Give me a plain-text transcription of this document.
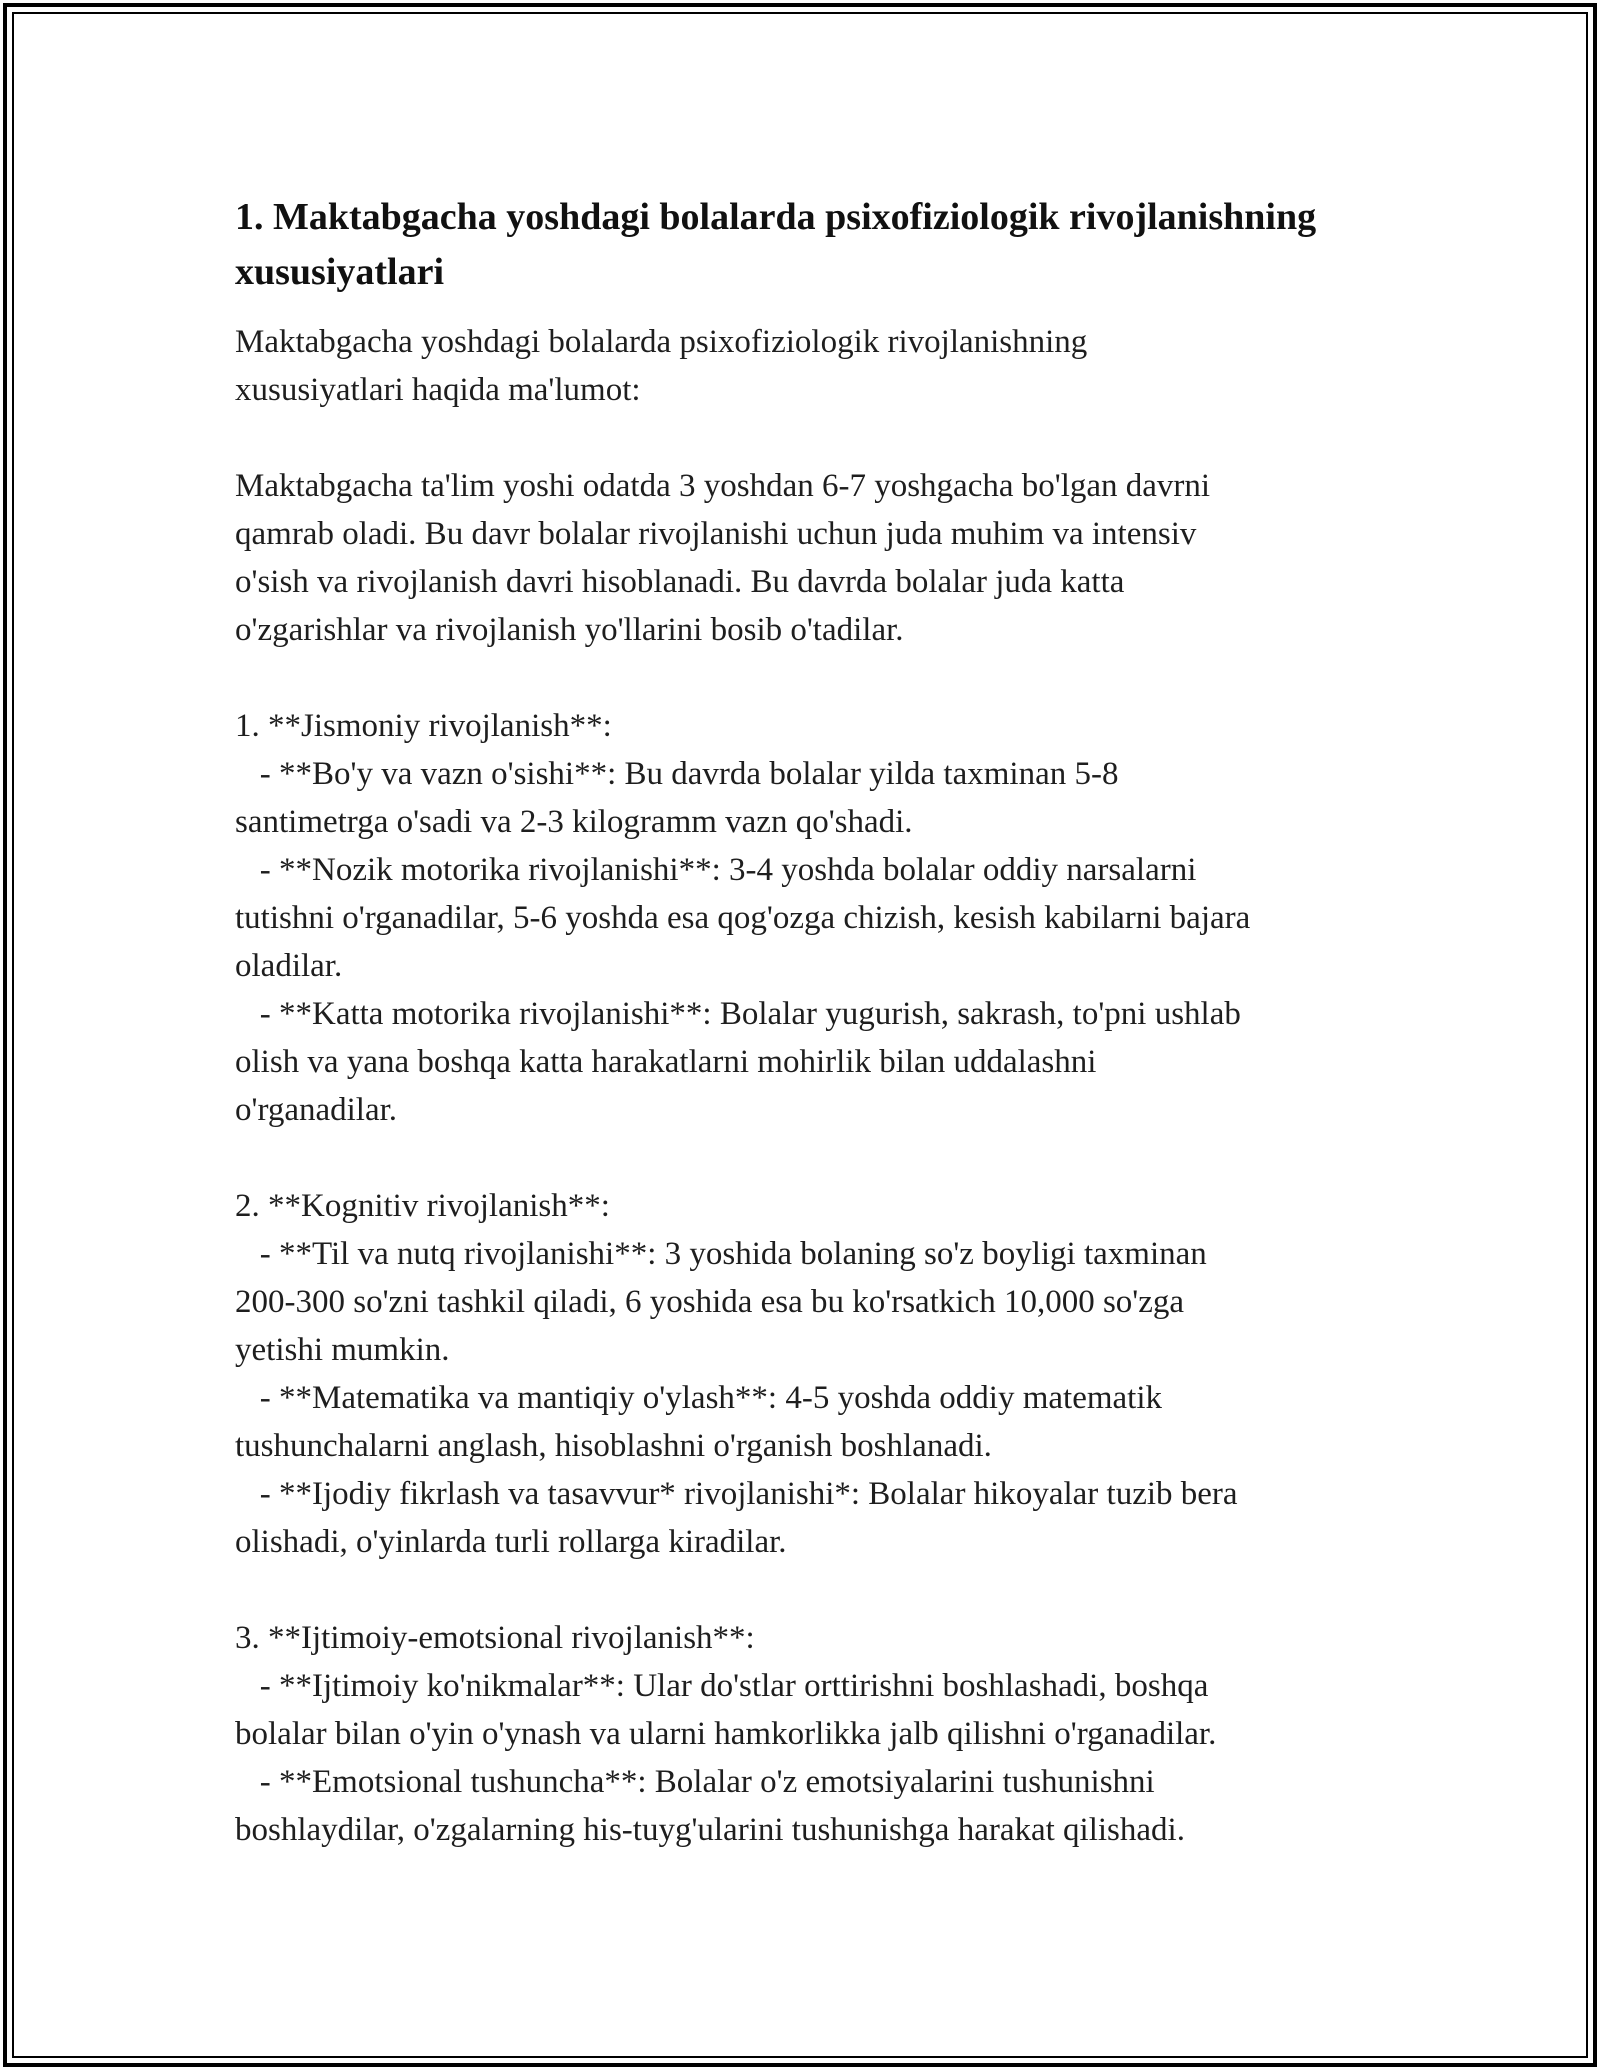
1. Maktabgacha yoshdagi bolalarda psixofiziologik rivojlanishning xususiyatlari

Maktabgacha yoshdagi bolalarda psixofiziologik rivojlanishning
xususiyatlari haqida ma'lumot:

Maktabgacha ta'lim yoshi odatda 3 yoshdan 6-7 yoshgacha bo'lgan davrni
qamrab oladi. Bu davr bolalar rivojlanishi uchun juda muhim va intensiv
o'sish va rivojlanish davri hisoblanadi. Bu davrda bolalar juda katta
o'zgarishlar va rivojlanish yo'llarini bosib o'tadilar.

1. **Jismoniy rivojlanish**:
- **Bo'y va vazn o'sishi**: Bu davrda bolalar yilda taxminan 5-8
santimetrga o'sadi va 2-3 kilogramm vazn qo'shadi.
- **Nozik motorika rivojlanishi**: 3-4 yoshda bolalar oddiy narsalarni
tutishni o'rganadilar, 5-6 yoshda esa qog'ozga chizish, kesish kabilarni bajara
oladilar.
- **Katta motorika rivojlanishi**: Bolalar yugurish, sakrash, to'pni ushlab
olish va yana boshqa katta harakatlarni mohirlik bilan uddalashni
o'rganadilar.

2. **Kognitiv rivojlanish**:
- **Til va nutq rivojlanishi**: 3 yoshida bolaning so'z boyligi taxminan
200-300 so'zni tashkil qiladi, 6 yoshida esa bu ko'rsatkich 10,000 so'zga
yetishi mumkin.
- **Matematika va mantiqiy o'ylash**: 4-5 yoshda oddiy matematik
tushunchalarni anglash, hisoblashni o'rganish boshlanadi.
- **Ijodiy fikrlash va tasavvur* rivojlanishi*: Bolalar hikoyalar tuzib bera
olishadi, o'yinlarda turli rollarga kiradilar.

3. **Ijtimoiy-emotsional rivojlanish**:
- **Ijtimoiy ko'nikmalar**: Ular do'stlar orttirishni boshlashadi, boshqa
bolalar bilan o'yin o'ynash va ularni hamkorlikka jalb qilishni o'rganadilar.
- **Emotsional tushuncha**: Bolalar o'z emotsiyalarini tushunishni
boshlaydilar, o'zgalarning his-tuyg'ularini tushunishga harakat qilishadi.
